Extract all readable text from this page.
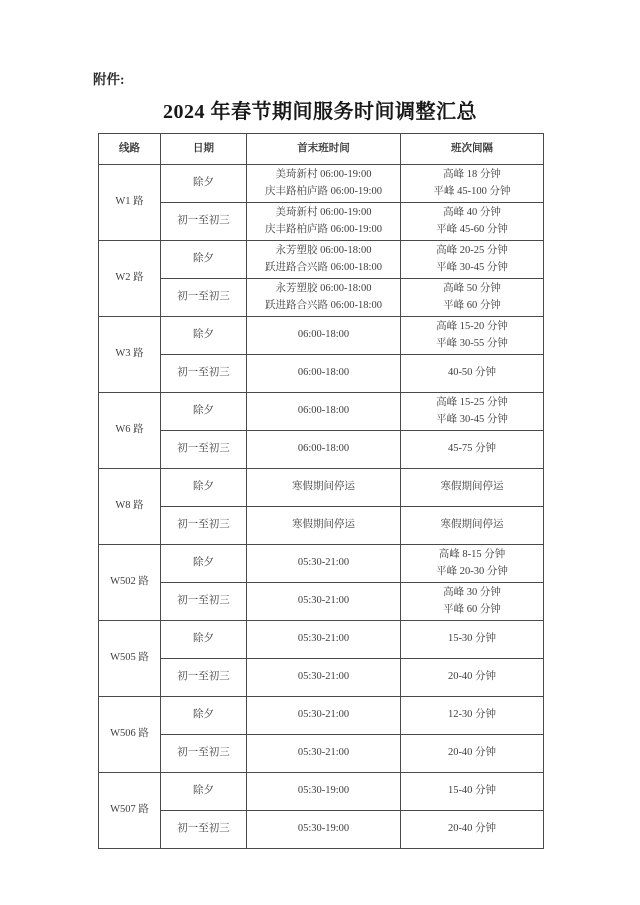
附件:
2024 年春节期间服务时间调整汇总
线路	日期	首末班时间	班次间隔
W1 路	除夕	美琦新村 06:00-19:00
庆丰路柏庐路 06:00-19:00	高峰 18 分钟
平峰 45-100 分钟

	初一至初三	美琦新村 06:00-19:00
庆丰路柏庐路 06:00-19:00	高峰 40 分钟
平峰 45-60 分钟

W2 路	除夕	永芳塑胶 06:00-18:00
跃进路合兴路 06:00-18:00	高峰 20-25 分钟
平峰 30-45 分钟

	初一至初三	永芳塑胶 06:00-18:00
跃进路合兴路 06:00-18:00	高峰 50 分钟
平峰 60 分钟

W3 路	除夕	06:00-18:00	高峰 15-20 分钟
平峰 30-55 分钟

	初一至初三	06:00-18:00	40-50 分钟

W6 路	除夕	06:00-18:00	高峰 15-25 分钟
平峰 30-45 分钟

	初一至初三	06:00-18:00	45-75 分钟

W8 路	除夕	寒假期间停运	寒假期间停运

	初一至初三	寒假期间停运	寒假期间停运

W502 路	除夕	05:30-21:00	高峰 8-15 分钟
平峰 20-30 分钟

	初一至初三	05:30-21:00	高峰 30 分钟
平峰 60 分钟

W505 路	除夕	05:30-21:00	15-30 分钟

	初一至初三	05:30-21:00	20-40 分钟

W506 路	除夕	05:30-21:00	12-30 分钟

	初一至初三	05:30-21:00	20-40 分钟

W507 路	除夕	05:30-19:00	15-40 分钟

	初一至初三	05:30-19:00	20-40 分钟
